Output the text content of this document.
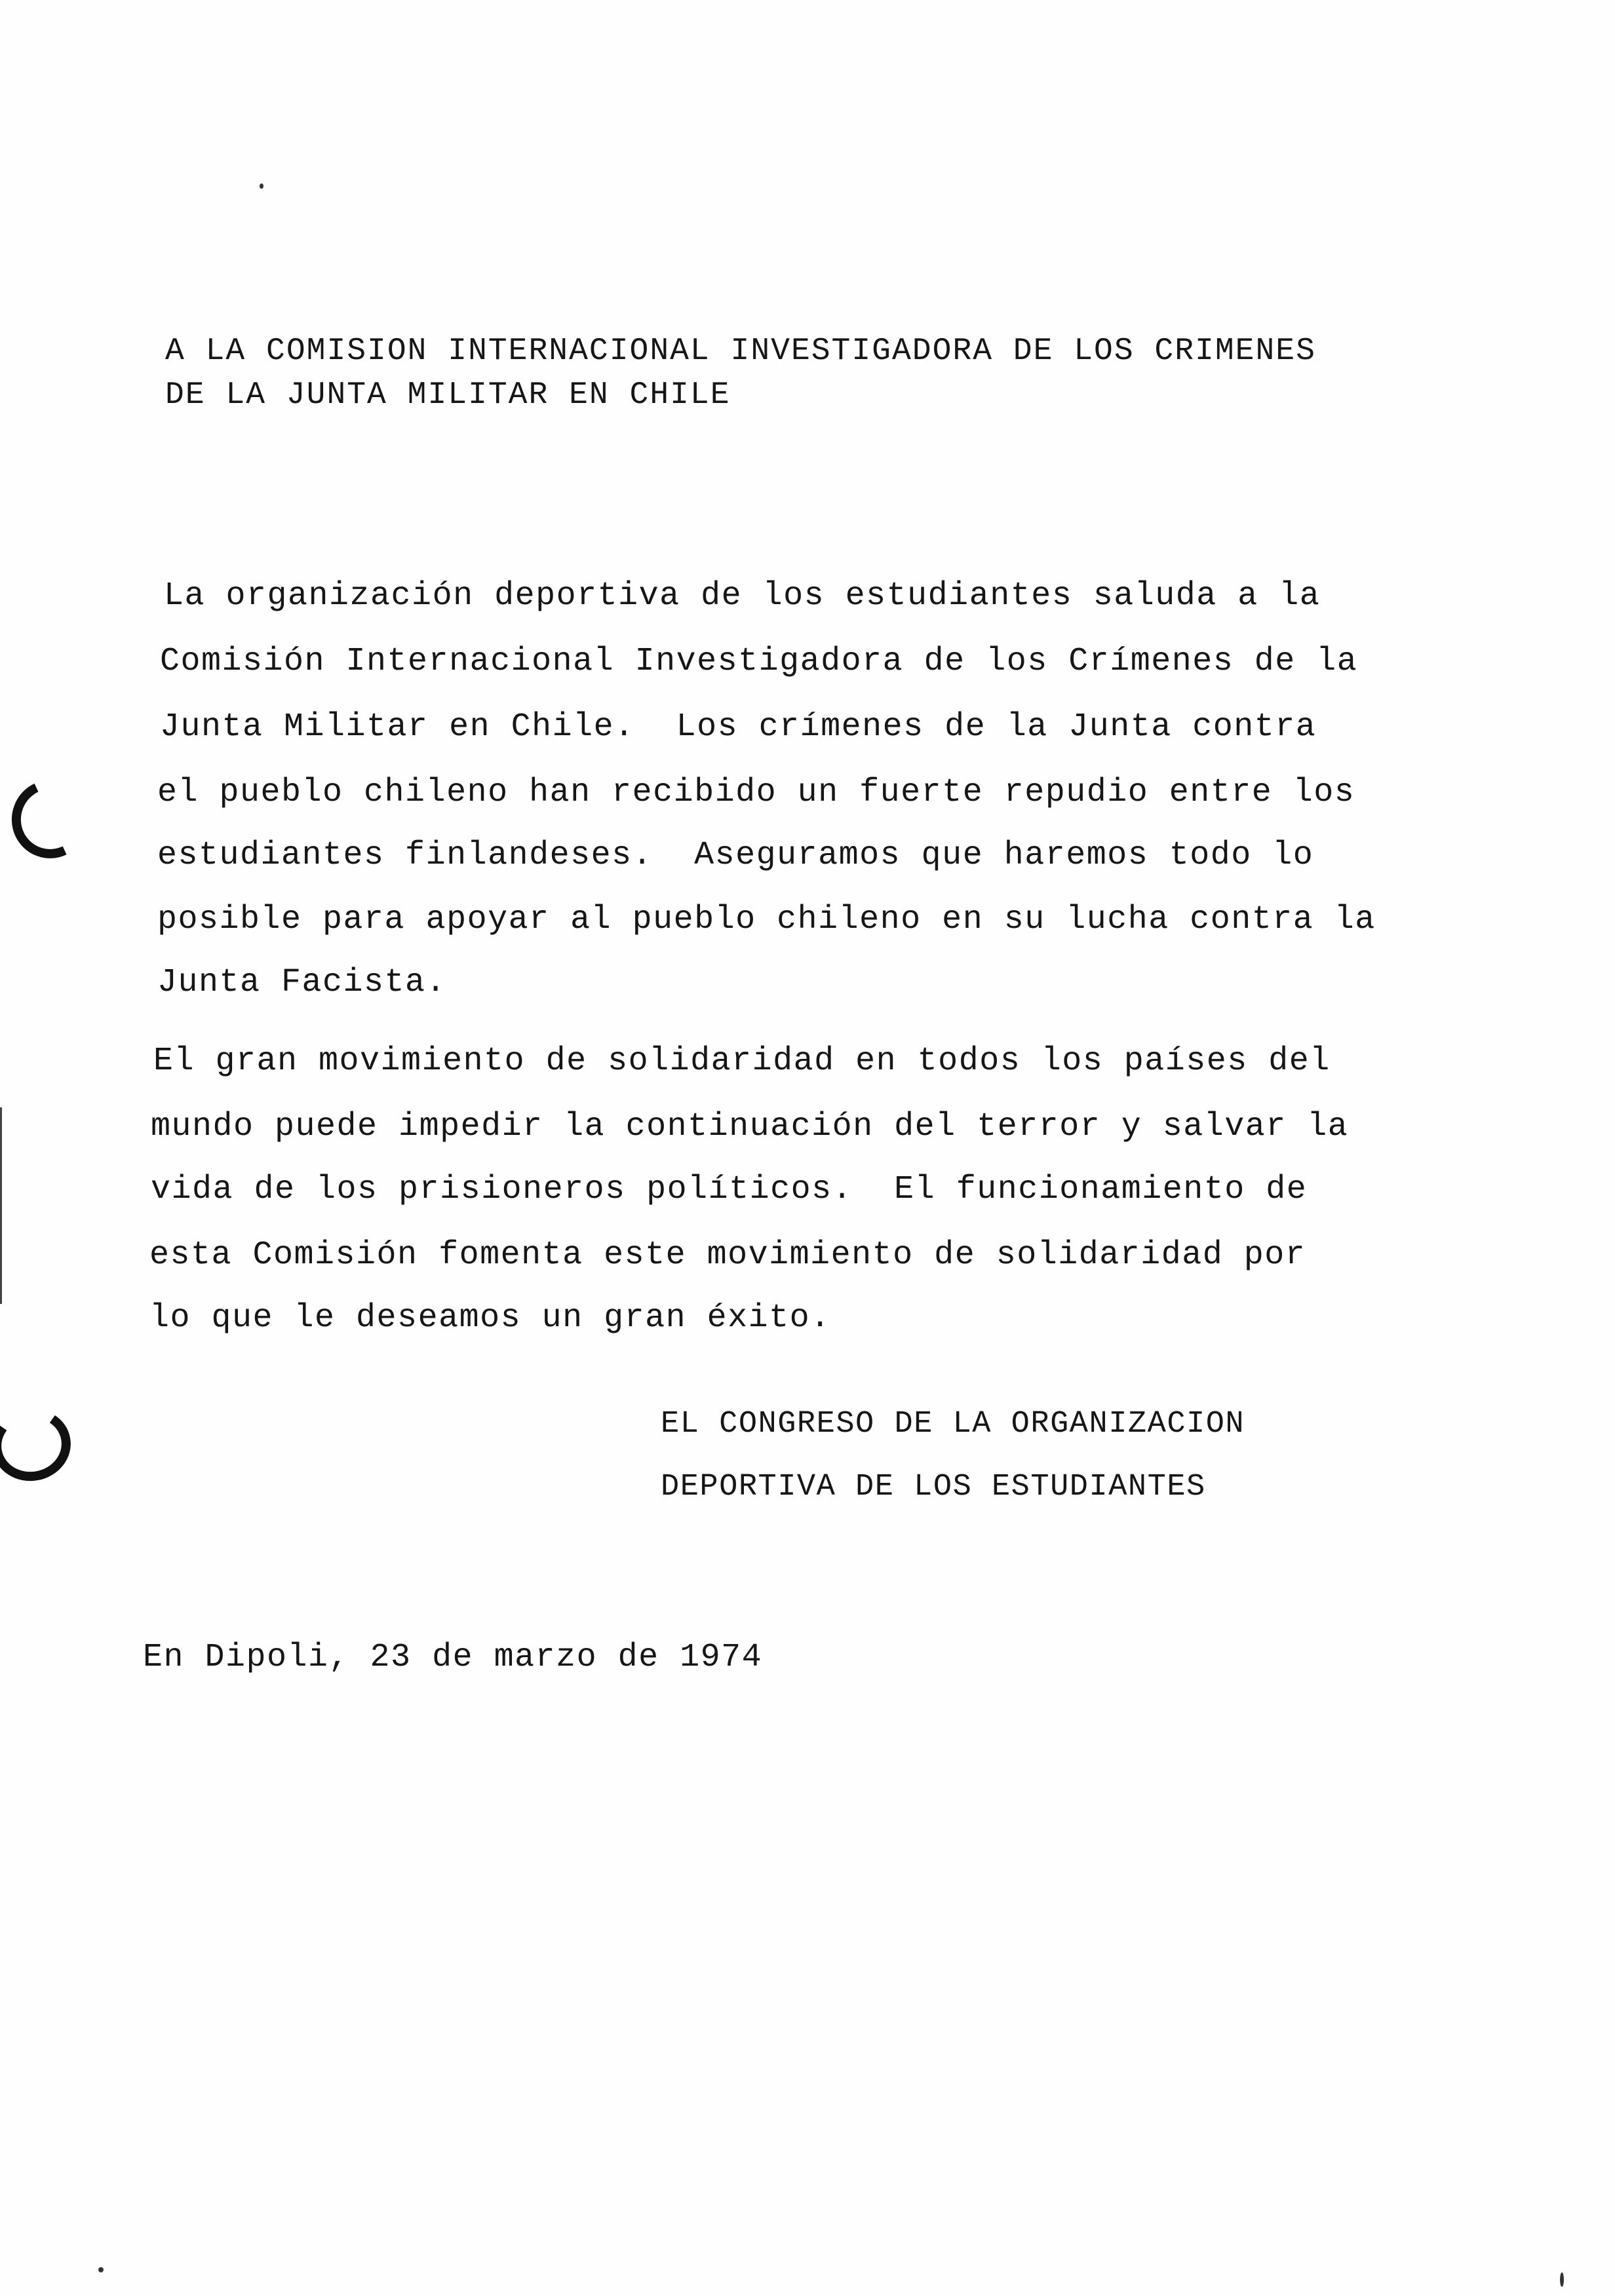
A LA COMISION INTERNACIONAL INVESTIGADORA DE LOS CRIMENES
DE LA JUNTA MILITAR EN CHILE
La organización deportiva de los estudiantes saluda a la
Comisión Internacional Investigadora de los Crímenes de la
Junta Militar en Chile.  Los crímenes de la Junta contra
el pueblo chileno han recibido un fuerte repudio entre los
estudiantes finlandeses.  Aseguramos que haremos todo lo
posible para apoyar al pueblo chileno en su lucha contra la
Junta Facista.
El gran movimiento de solidaridad en todos los países del
mundo puede impedir la continuación del terror y salvar la
vida de los prisioneros políticos.  El funcionamiento de
esta Comisión fomenta este movimiento de solidaridad por
lo que le deseamos un gran éxito.
EL CONGRESO DE LA ORGANIZACION
DEPORTIVA DE LOS ESTUDIANTES
En Dipoli, 23 de marzo de 1974
